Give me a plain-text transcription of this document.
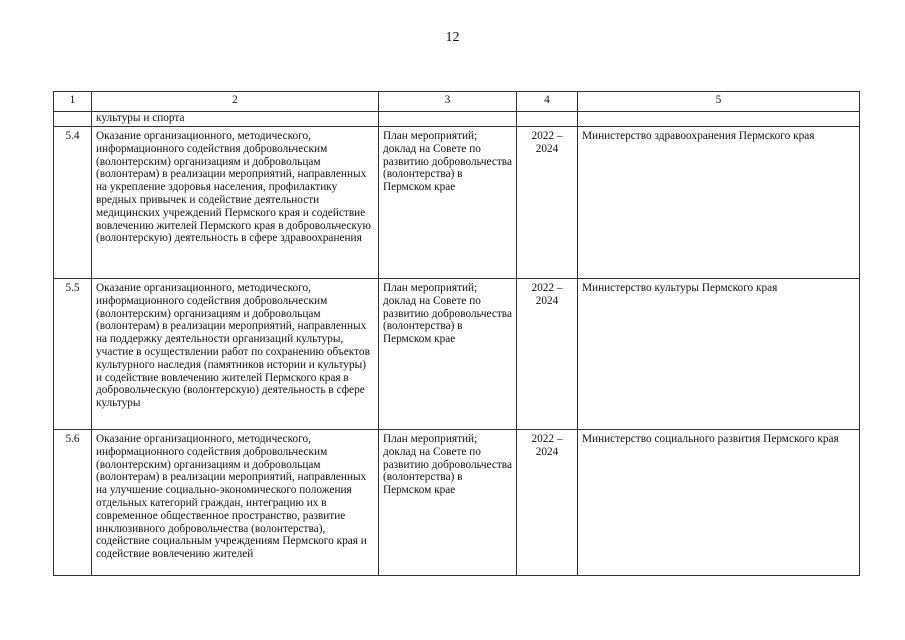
12
1	2	3	4	5
	культуры и спорта			
5.4	Оказание организационного, методического, информационного содействия добровольческим (волонтерским) организациям и добровольцам (волонтерам) в реализации мероприятий, направленных на укрепление здоровья населения, профилактику вредных привычек и содействие деятельности медицинских учреждений Пермского края и содействие вовлечению жителей Пермского края в добровольческую (волонтерскую) деятельность в сфере здравоохранения	План мероприятий; доклад на Совете по развитию добровольчества (волонтерства) в Пермском крае	2022 – 2024	Министерство здравоохранения Пермского края
5.5	Оказание организационного, методического, информационного содействия добровольческим (волонтерским) организациям и добровольцам (волонтерам) в реализации мероприятий, направленных на поддержку деятельности организаций культуры, участие в осуществлении работ по сохранению объектов культурного наследия (памятников истории и культуры) и содействие вовлечению жителей Пермского края в добровольческую (волонтерскую) деятельность в сфере культуры	План мероприятий; доклад на Совете по развитию добровольчества (волонтерства) в Пермском крае	2022 – 2024	Министерство культуры Пермского края
5.6	Оказание организационного, методического, информационного содействия добровольческим (волонтерским) организациям и добровольцам (волонтерам) в реализации мероприятий, направленных на улучшение социально-экономического положения отдельных категорий граждан, интеграцию их в современное общественное пространство, развитие инклюзивного добровольчества (волонтерства), содействие социальным учреждениям Пермского края и содействие вовлечению жителей	План мероприятий; доклад на Совете по развитию добровольчества (волонтерства) в Пермском крае	2022 – 2024	Министерство социального развития Пермского края
